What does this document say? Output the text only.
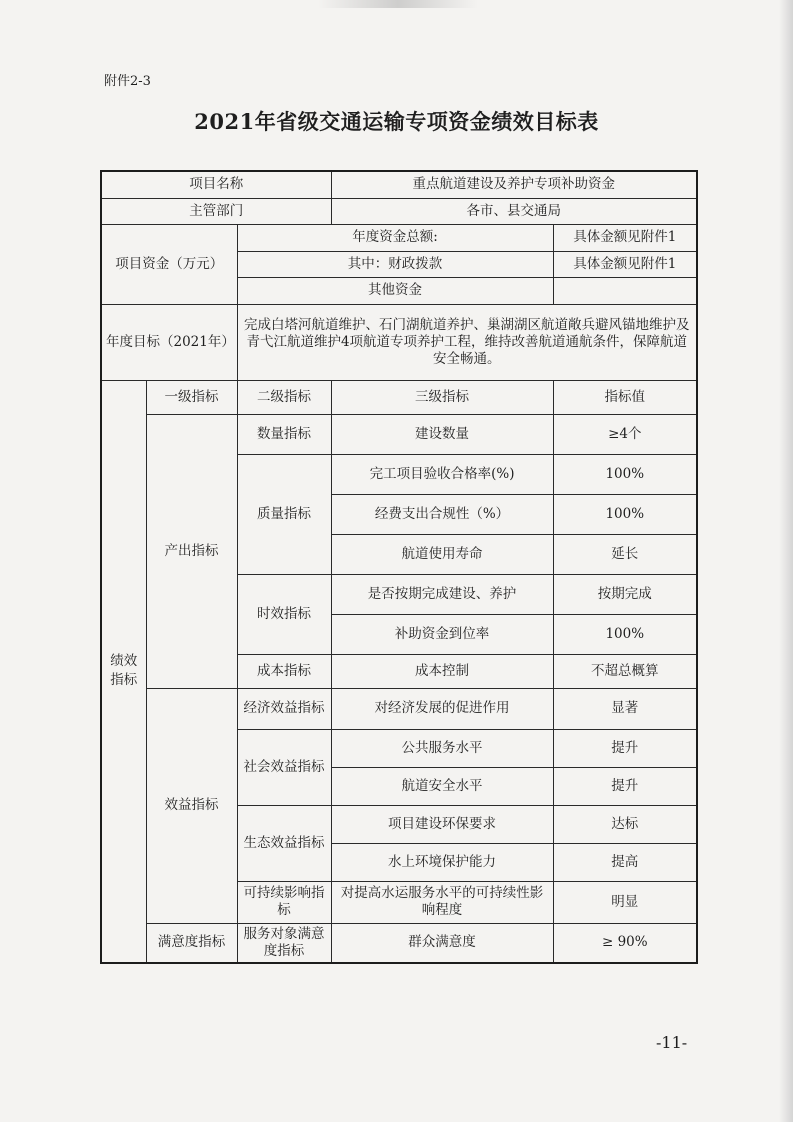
附件2-3
2021年省级交通运输专项资金绩效目标表
项目名称			重点航道建设及养护专项补助资金	
主管部门			各市、县交通局	
项目资金（万元）		年度资金总额:		具体金额见附件1
		其中：财政拨款		具体金额见附件1
		其他资金		
年度目标（2021年）		完成白塔河航道维护、石门湖航道养护、巢湖湖区航道敞兵避风锚地维护及青弋江航道维护4项航道专项养护工程，维持改善航道通航条件，保障航道安全畅通。		
绩效指标	一级指标	二级指标	三级指标	指标值
	产出指标	数量指标	建设数量	≥4个
		质量指标	完工项目验收合格率(%)	100%
			经费支出合规性（%）	100%
			航道使用寿命	延长
		时效指标	是否按期完成建设、养护	按期完成
			补助资金到位率	100%
		成本指标	成本控制	不超总概算
	效益指标	经济效益指标	对经济发展的促进作用	显著
		社会效益指标	公共服务水平	提升
			航道安全水平	提升
		生态效益指标	项目建设环保要求	达标
			水上环境保护能力	提高
		可持续影响指标	对提高水运服务水平的可持续性影响程度	明显
	满意度指标	服务对象满意度指标	群众满意度	≥ 90%
-11-
